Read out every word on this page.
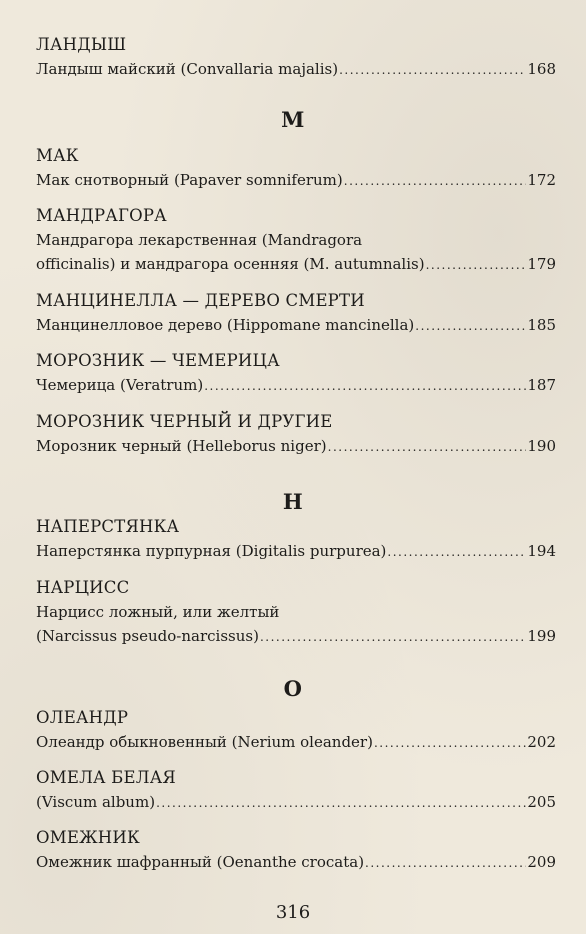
ЛАНДЫШ
Ландыш майский (Convallaria majalis) .....	168
М
МАК
Мак снотворный (Papaver somniferum) .....	172
МАНДРАГОРА
Мандрагора лекарственная (Mandragora
officinalis) и мандрагора осенняя (M. autumnalis) .....	179
МАНЦИНЕЛЛА — ДЕРЕВО СМЕРТИ
Манцинелловое дерево (Hippomane mancinella) .....	185
МОРОЗНИК — ЧЕМЕРИЦА
Чемерица (Veratrum) .....	187
МОРОЗНИК ЧЕРНЫЙ И ДРУГИЕ
Морозник черный (Helleborus niger) .....	190
Н
НАПЕРСТЯНКА
Наперстянка пурпурная (Digitalis purpurea) .....	194
НАРЦИСС
Нарцисс ложный, или желтый
(Narcissus pseudo-narcissus) .....	199
О
ОЛЕАНДР
Олеандр обыкновенный (Nerium oleander) .....	202
ОМЕЛА БЕЛАЯ
(Viscum album) .....	205
ОМЕЖНИК
Омежник шафранный (Oenanthe crocata) .....	209
316
